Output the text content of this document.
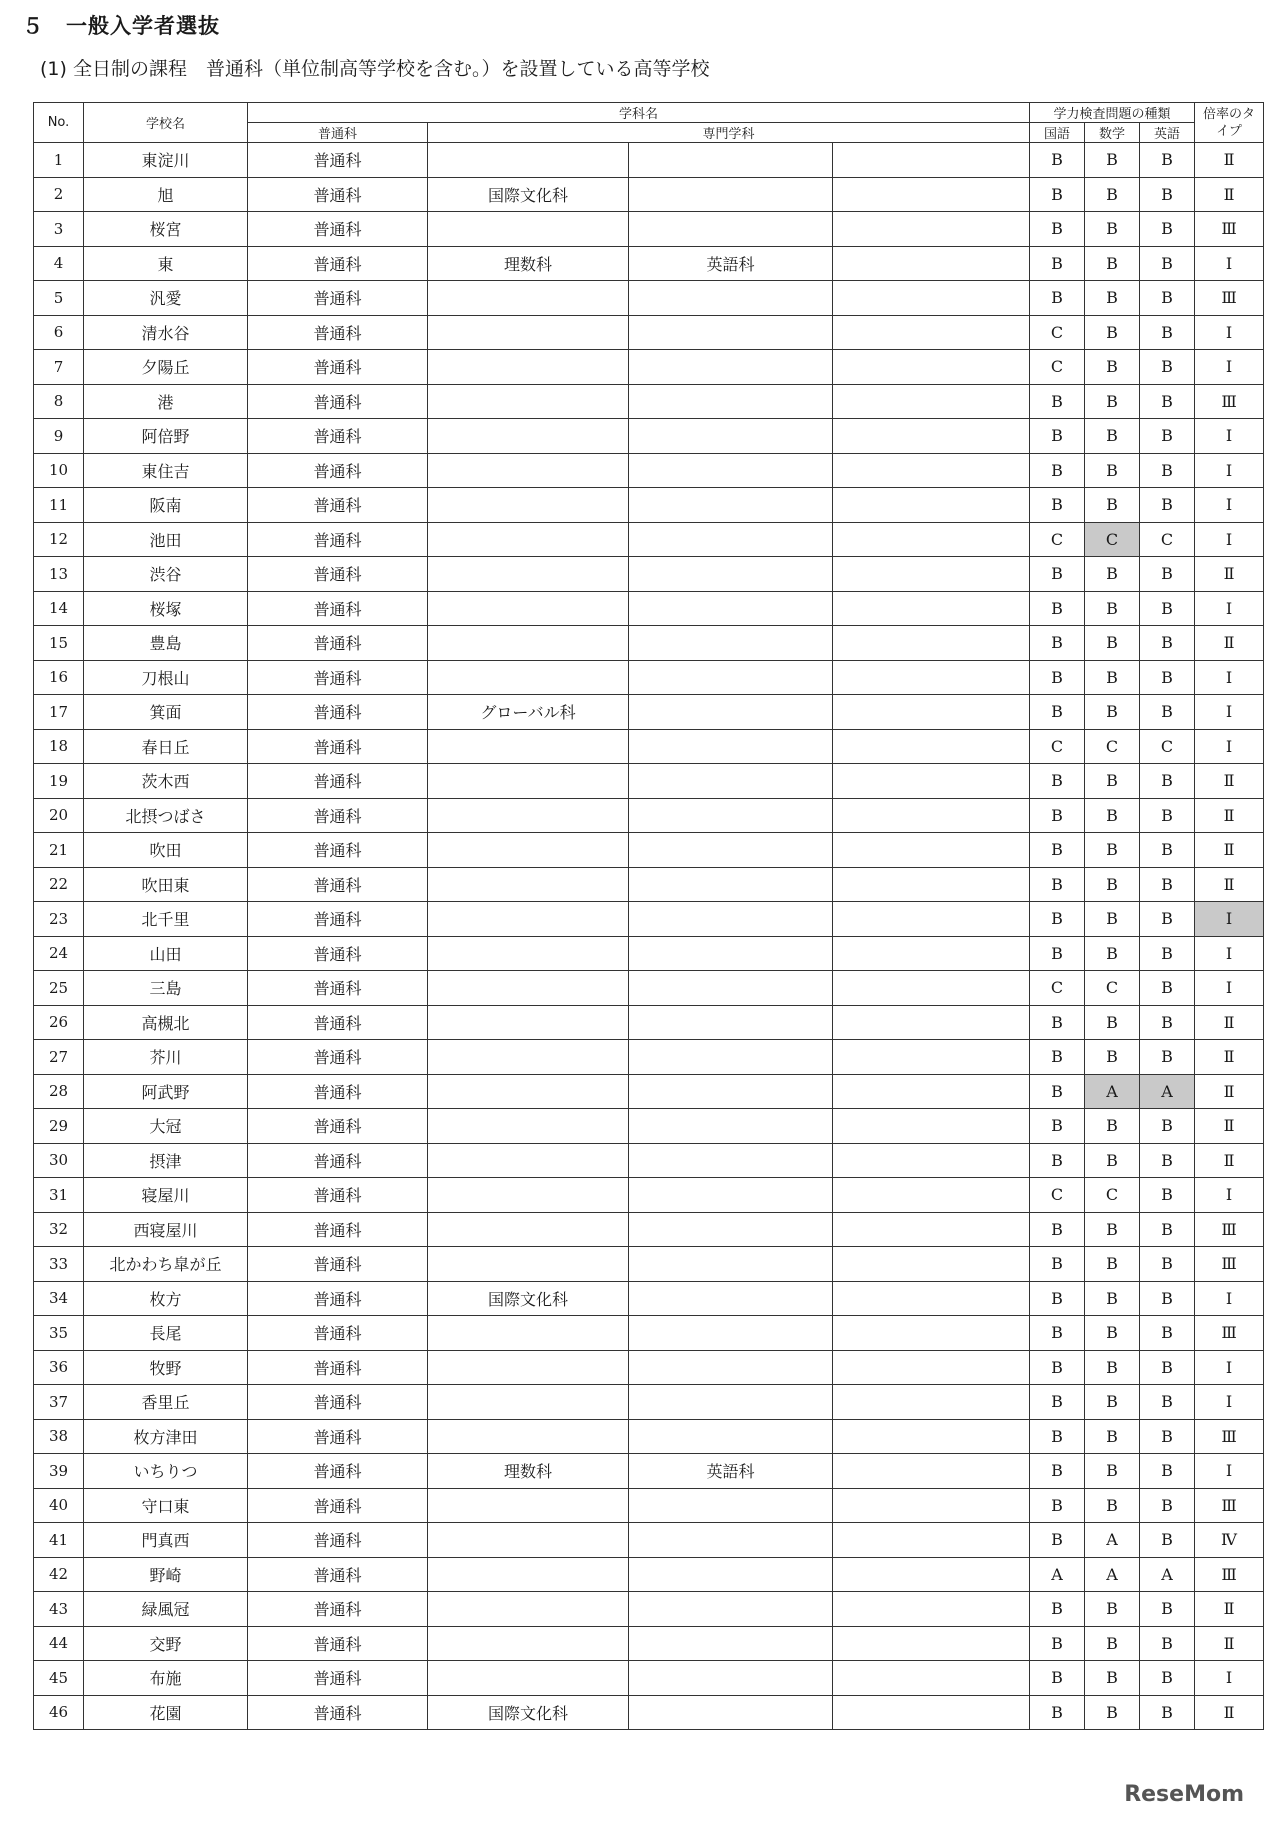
５　一般入学者選抜
(1) 全日制の課程　普通科（単位制高等学校を含む。）を設置している高等学校
No.	学校名	学科名				学力検査問題の種類			倍率のタイプ
		普通科	専門学科			国語	数学	英語	
1	東淀川	普通科				B	B	B	Ⅱ
2	旭	普通科	国際文化科			B	B	B	Ⅱ
3	桜宮	普通科				B	B	B	Ⅲ
4	東	普通科	理数科	英語科		B	B	B	Ⅰ
5	汎愛	普通科				B	B	B	Ⅲ
6	清水谷	普通科				C	B	B	Ⅰ
7	夕陽丘	普通科				C	B	B	Ⅰ
8	港	普通科				B	B	B	Ⅲ
9	阿倍野	普通科				B	B	B	Ⅰ
10	東住吉	普通科				B	B	B	Ⅰ
11	阪南	普通科				B	B	B	Ⅰ
12	池田	普通科				C	C	C	Ⅰ
13	渋谷	普通科				B	B	B	Ⅱ
14	桜塚	普通科				B	B	B	Ⅰ
15	豊島	普通科				B	B	B	Ⅱ
16	刀根山	普通科				B	B	B	Ⅰ
17	箕面	普通科	グローバル科			B	B	B	Ⅰ
18	春日丘	普通科				C	C	C	Ⅰ
19	茨木西	普通科				B	B	B	Ⅱ
20	北摂つばさ	普通科				B	B	B	Ⅱ
21	吹田	普通科				B	B	B	Ⅱ
22	吹田東	普通科				B	B	B	Ⅱ
23	北千里	普通科				B	B	B	Ⅰ
24	山田	普通科				B	B	B	Ⅰ
25	三島	普通科				C	C	B	Ⅰ
26	高槻北	普通科				B	B	B	Ⅱ
27	芥川	普通科				B	B	B	Ⅱ
28	阿武野	普通科				B	A	A	Ⅱ
29	大冠	普通科				B	B	B	Ⅱ
30	摂津	普通科				B	B	B	Ⅱ
31	寝屋川	普通科				C	C	B	Ⅰ
32	西寝屋川	普通科				B	B	B	Ⅲ
33	北かわち皐が丘	普通科				B	B	B	Ⅲ
34	枚方	普通科	国際文化科			B	B	B	Ⅰ
35	長尾	普通科				B	B	B	Ⅲ
36	牧野	普通科				B	B	B	Ⅰ
37	香里丘	普通科				B	B	B	Ⅰ
38	枚方津田	普通科				B	B	B	Ⅲ
39	いちりつ	普通科	理数科	英語科		B	B	B	Ⅰ
40	守口東	普通科				B	B	B	Ⅲ
41	門真西	普通科				B	A	B	Ⅳ
42	野崎	普通科				A	A	A	Ⅲ
43	緑風冠	普通科				B	B	B	Ⅱ
44	交野	普通科				B	B	B	Ⅱ
45	布施	普通科				B	B	B	Ⅰ
46	花園	普通科	国際文化科			B	B	B	Ⅱ
ReseMom
